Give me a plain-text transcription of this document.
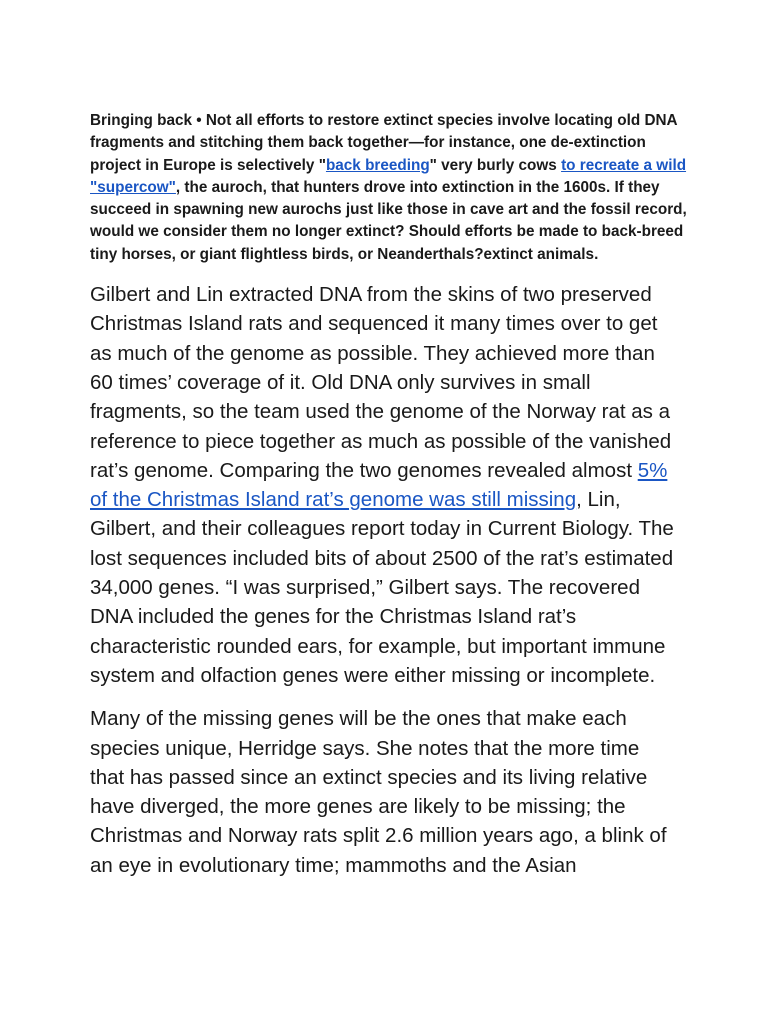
Bringing back • Not all efforts to restore extinct species involve locating old DNA fragments and stitching them back together—for instance, one de-extinction project in Europe is selectively "back breeding" very burly cows to recreate a wild "supercow", the auroch, that hunters drove into extinction in the 1600s. If they succeed in spawning new aurochs just like those in cave art and the fossil record, would we consider them no longer extinct? Should efforts be made to back-breed tiny horses, or giant flightless birds, or Neanderthals?extinct animals.

Gilbert and Lin extracted DNA from the skins of two preserved Christmas Island rats and sequenced it many times over to get as much of the genome as possible. They achieved more than 60 times’ coverage of it. Old DNA only survives in small fragments, so the team used the genome of the Norway rat as a reference to piece together as much as possible of the vanished rat’s genome. Comparing the two genomes revealed almost 5% of the Christmas Island rat’s genome was still missing, Lin, Gilbert, and their colleagues report today in Current Biology. The lost sequences included bits of about 2500 of the rat’s estimated 34,000 genes. “I was surprised,” Gilbert says. The recovered DNA included the genes for the Christmas Island rat’s characteristic rounded ears, for example, but important immune system and olfaction genes were either missing or incomplete.

Many of the missing genes will be the ones that make each species unique, Herridge says. She notes that the more time that has passed since an extinct species and its living relative have diverged, the more genes are likely to be missing; the Christmas and Norway rats split 2.6 million years ago, a blink of an eye in evolutionary time; mammoths and the Asian
